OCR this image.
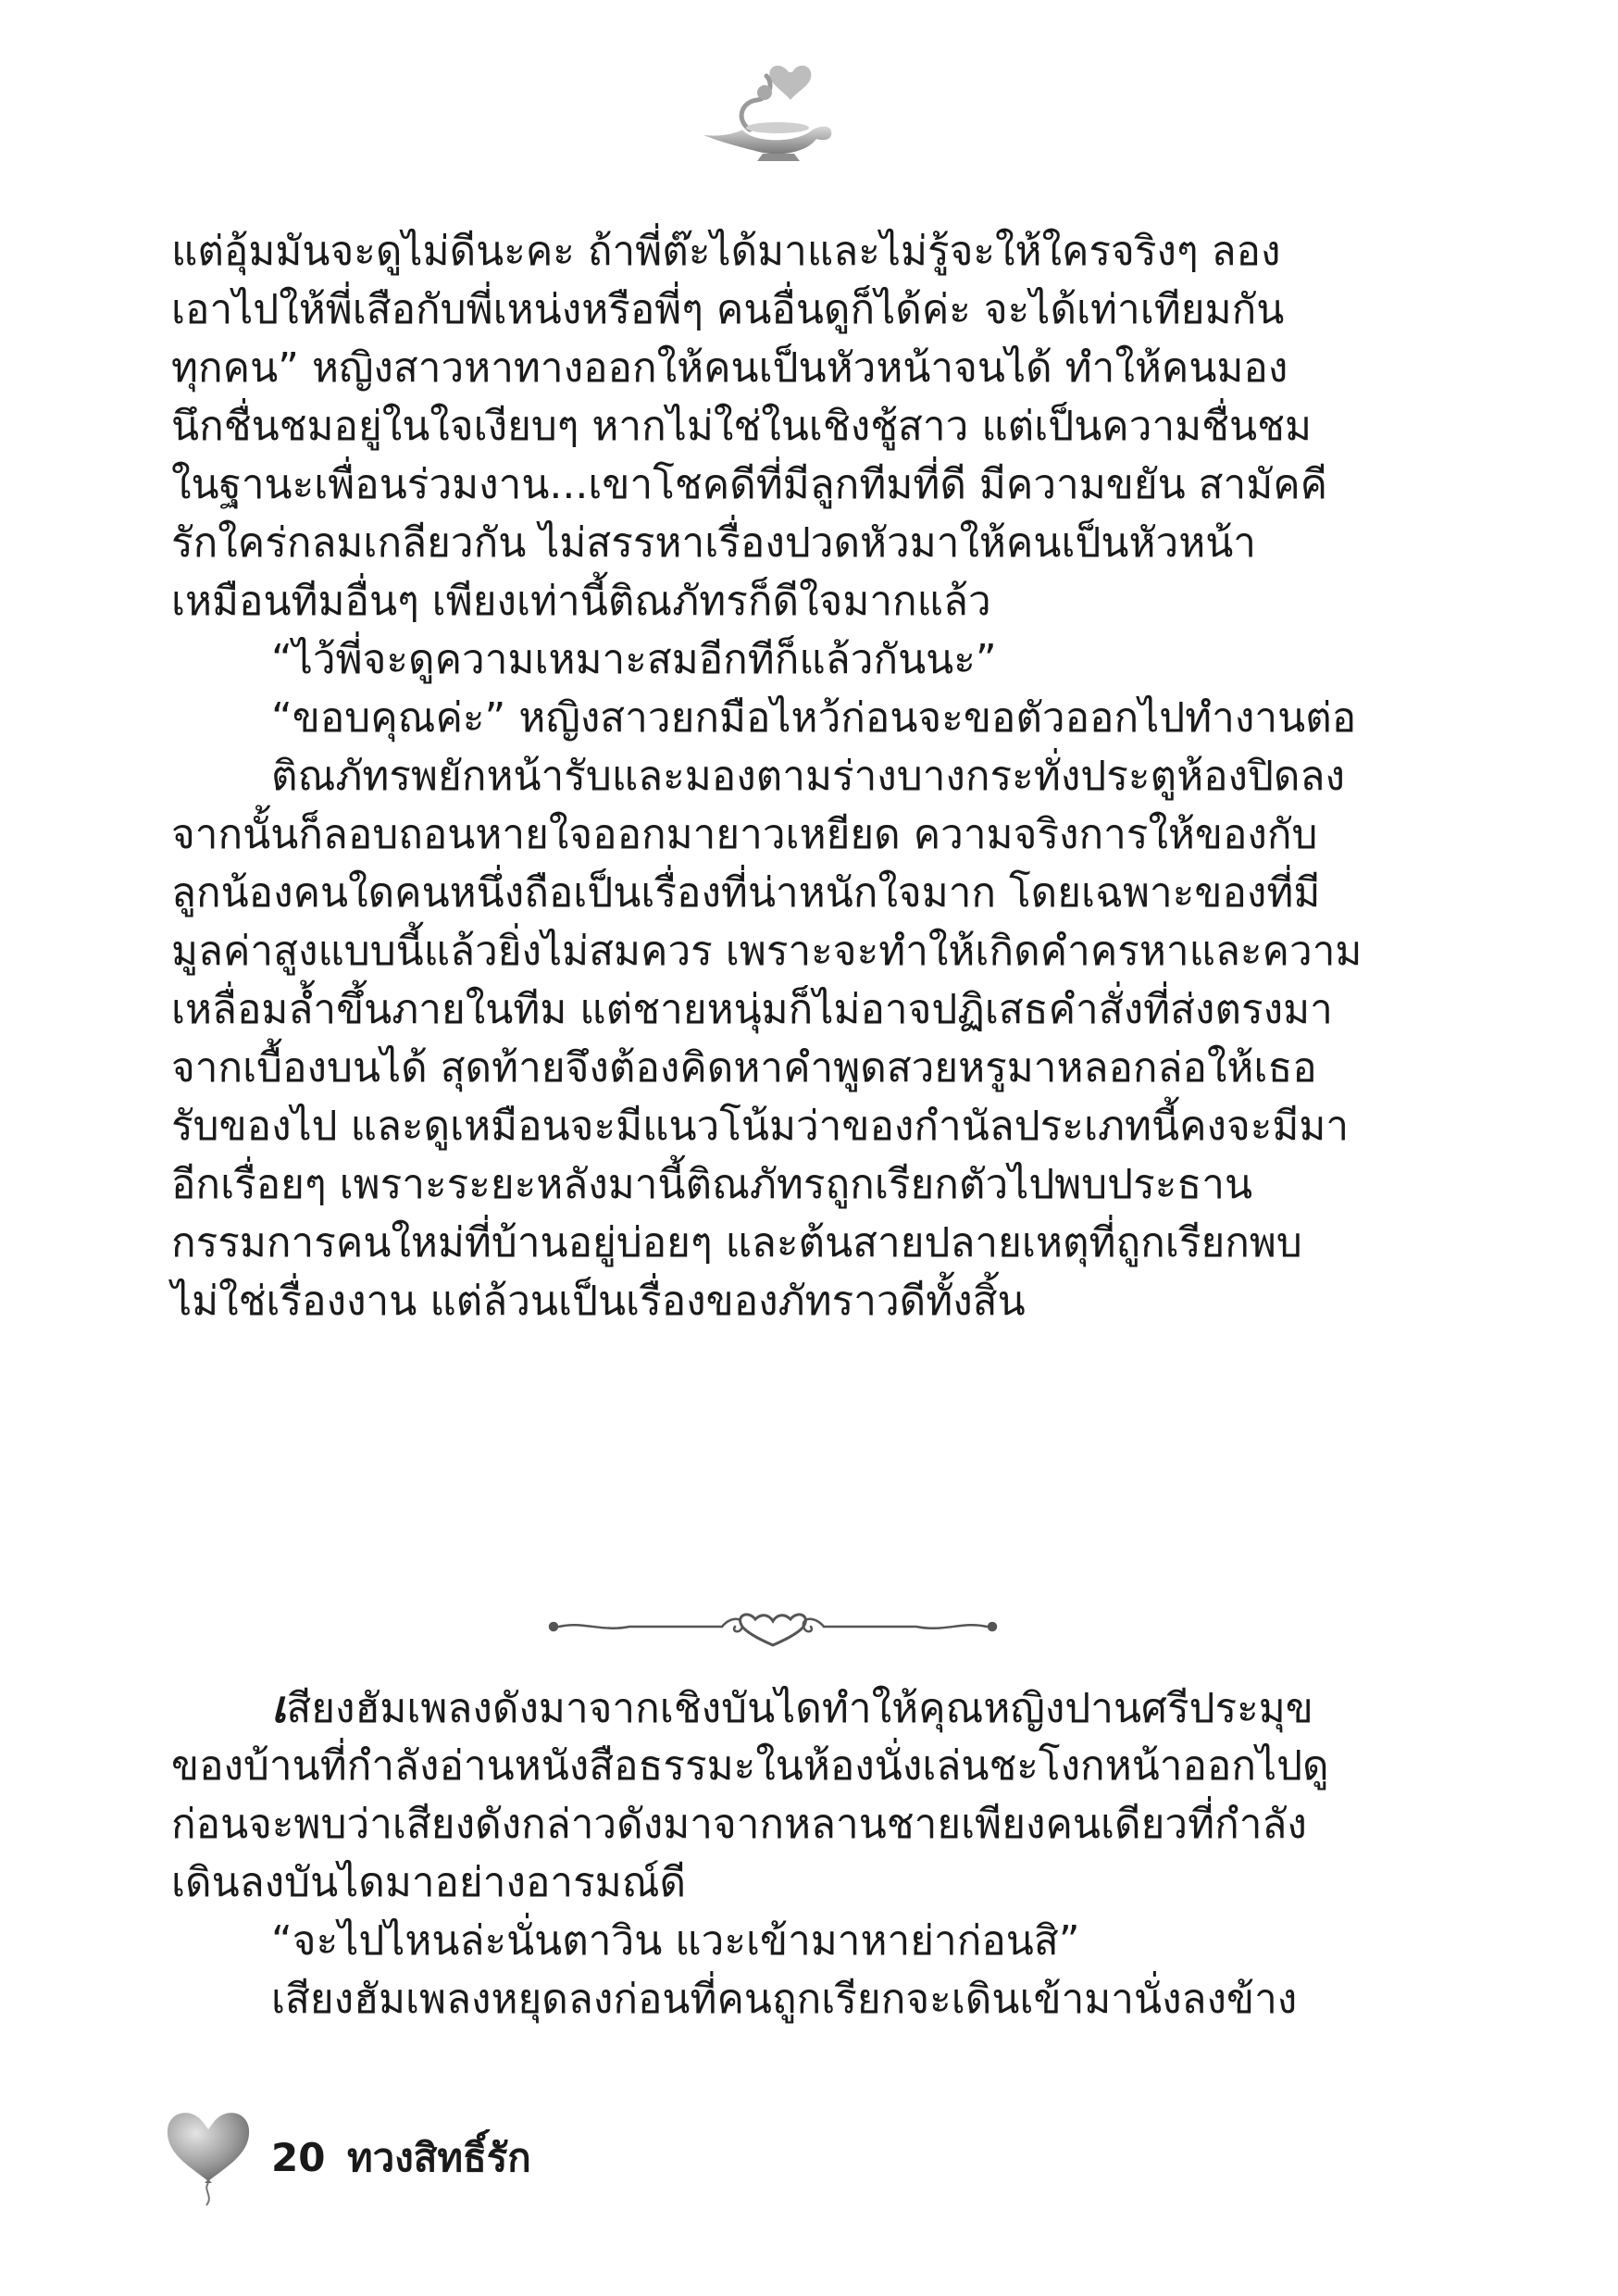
แต่อุ้มมันจะดูไม่ดีนะคะ ถ้าพี่ต๊ะได้มาและไม่รู้จะให้ใครจริงๆ ลอง
เอาไปให้พี่เสือกับพี่เหน่งหรือพี่ๆ คนอื่นดูก็ได้ค่ะ จะได้เท่าเทียมกัน
ทุกคน” หญิงสาวหาทางออกให้คนเป็นหัวหน้าจนได้ ทำให้คนมอง
นึกชื่นชมอยู่ในใจเงียบๆ หากไม่ใช่ในเชิงชู้สาว แต่เป็นความชื่นชม
ในฐานะเพื่อนร่วมงาน...เขาโชคดีที่มีลูกทีมที่ดี มีความขยัน สามัคคี
รักใคร่กลมเกลียวกัน ไม่สรรหาเรื่องปวดหัวมาให้คนเป็นหัวหน้า
เหมือนทีมอื่นๆ เพียงเท่านี้ติณภัทรก็ดีใจมากแล้ว
“ไว้พี่จะดูความเหมาะสมอีกทีก็แล้วกันนะ”
“ขอบคุณค่ะ” หญิงสาวยกมือไหว้ก่อนจะขอตัวออกไปทำงานต่อ
ติณภัทรพยักหน้ารับและมองตามร่างบางกระทั่งประตูห้องปิดลง
จากนั้นก็ลอบถอนหายใจออกมายาวเหยียด ความจริงการให้ของกับ
ลูกน้องคนใดคนหนึ่งถือเป็นเรื่องที่น่าหนักใจมาก โดยเฉพาะของที่มี
มูลค่าสูงแบบนี้แล้วยิ่งไม่สมควร เพราะจะทำให้เกิดคำครหาและความ
เหลื่อมล้ำขึ้นภายในทีม แต่ชายหนุ่มก็ไม่อาจปฏิเสธคำสั่งที่ส่งตรงมา
จากเบื้องบนได้ สุดท้ายจึงต้องคิดหาคำพูดสวยหรูมาหลอกล่อให้เธอ
รับของไป และดูเหมือนจะมีแนวโน้มว่าของกำนัลประเภทนี้คงจะมีมา
อีกเรื่อยๆ เพราะระยะหลังมานี้ติณภัทรถูกเรียกตัวไปพบประธาน
กรรมการคนใหม่ที่บ้านอยู่บ่อยๆ และต้นสายปลายเหตุที่ถูกเรียกพบ
ไม่ใช่เรื่องงาน แต่ล้วนเป็นเรื่องของภัทราวดีทั้งสิ้น
เสียงฮัมเพลงดังมาจากเชิงบันไดทำให้คุณหญิงปานศรีประมุข
ของบ้านที่กำลังอ่านหนังสือธรรมะในห้องนั่งเล่นชะโงกหน้าออกไปดู
ก่อนจะพบว่าเสียงดังกล่าวดังมาจากหลานชายเพียงคนเดียวที่กำลัง
เดินลงบันไดมาอย่างอารมณ์ดี
“จะไปไหนล่ะนั่นตาวิน แวะเข้ามาหาย่าก่อนสิ”
เสียงฮัมเพลงหยุดลงก่อนที่คนถูกเรียกจะเดินเข้ามานั่งลงข้าง
20 ทวงสิทธิ์รัก
